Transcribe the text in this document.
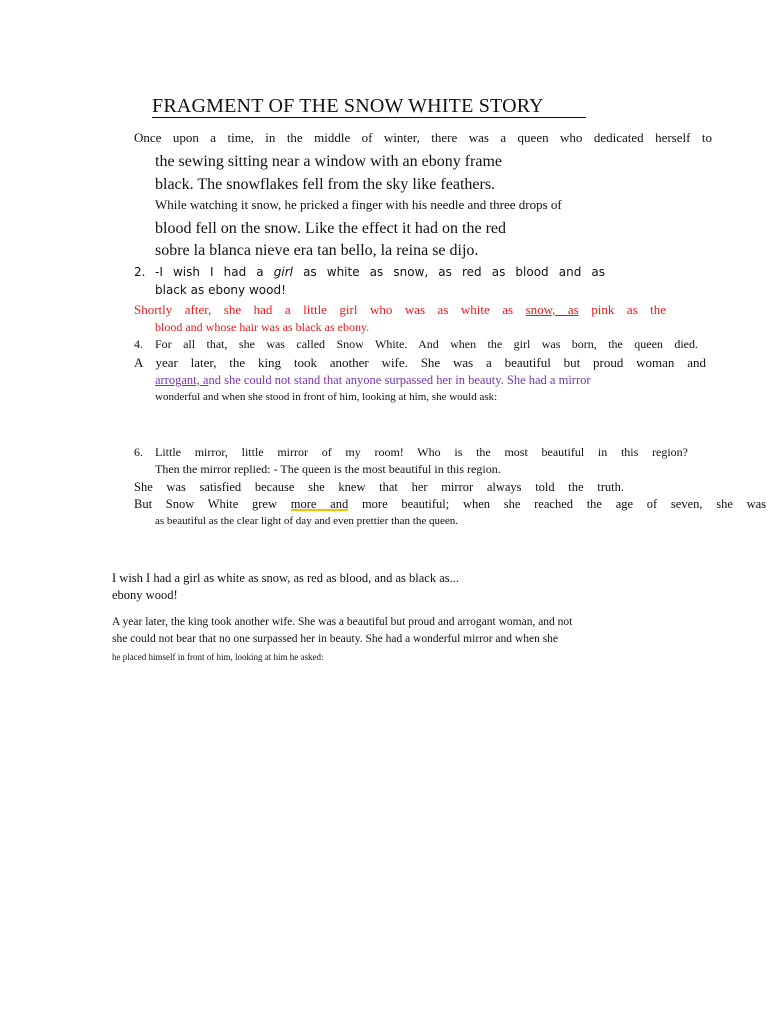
FRAGMENT OF THE SNOW WHITE STORY
Once upon a time, in the middle of winter, there was a queen who dedicated herself to
the sewing sitting near a window with an ebony frame
black. The snowflakes fell from the sky like feathers.
While watching it snow, he pricked a finger with his needle and three drops of
blood fell on the snow. Like the effect it had on the red
sobre la blanca nieve era tan bello, la reina se dijo.
2. -I wish I had a girl as white as snow, as red as blood and as
black as ebony wood!
Shortly after, she had a little girl who was as white as snow, as pink as the
blood and whose hair was as black as ebony.
4. For all that, she was called Snow White. And when the girl was born, the queen died.
A year later, the king took another wife. She was a beautiful but proud woman and
arrogant, and she could not stand that anyone surpassed her in beauty. She had a mirror
wonderful and when she stood in front of him, looking at him, she would ask:
6. Little mirror, little mirror of my room! Who is the most beautiful in this region?
Then the mirror replied: - The queen is the most beautiful in this region.
She was satisfied because she knew that her mirror always told the truth.
But Snow White grew more and more beautiful; when she reached the age of seven, she was
as beautiful as the clear light of day and even prettier than the queen.
I wish I had a girl as white as snow, as red as blood, and as black as...
ebony wood!
A year later, the king took another wife. She was a beautiful but proud and arrogant woman, and not
she could not bear that no one surpassed her in beauty. She had a wonderful mirror and when she
he placed himself in front of him, looking at him he asked:
